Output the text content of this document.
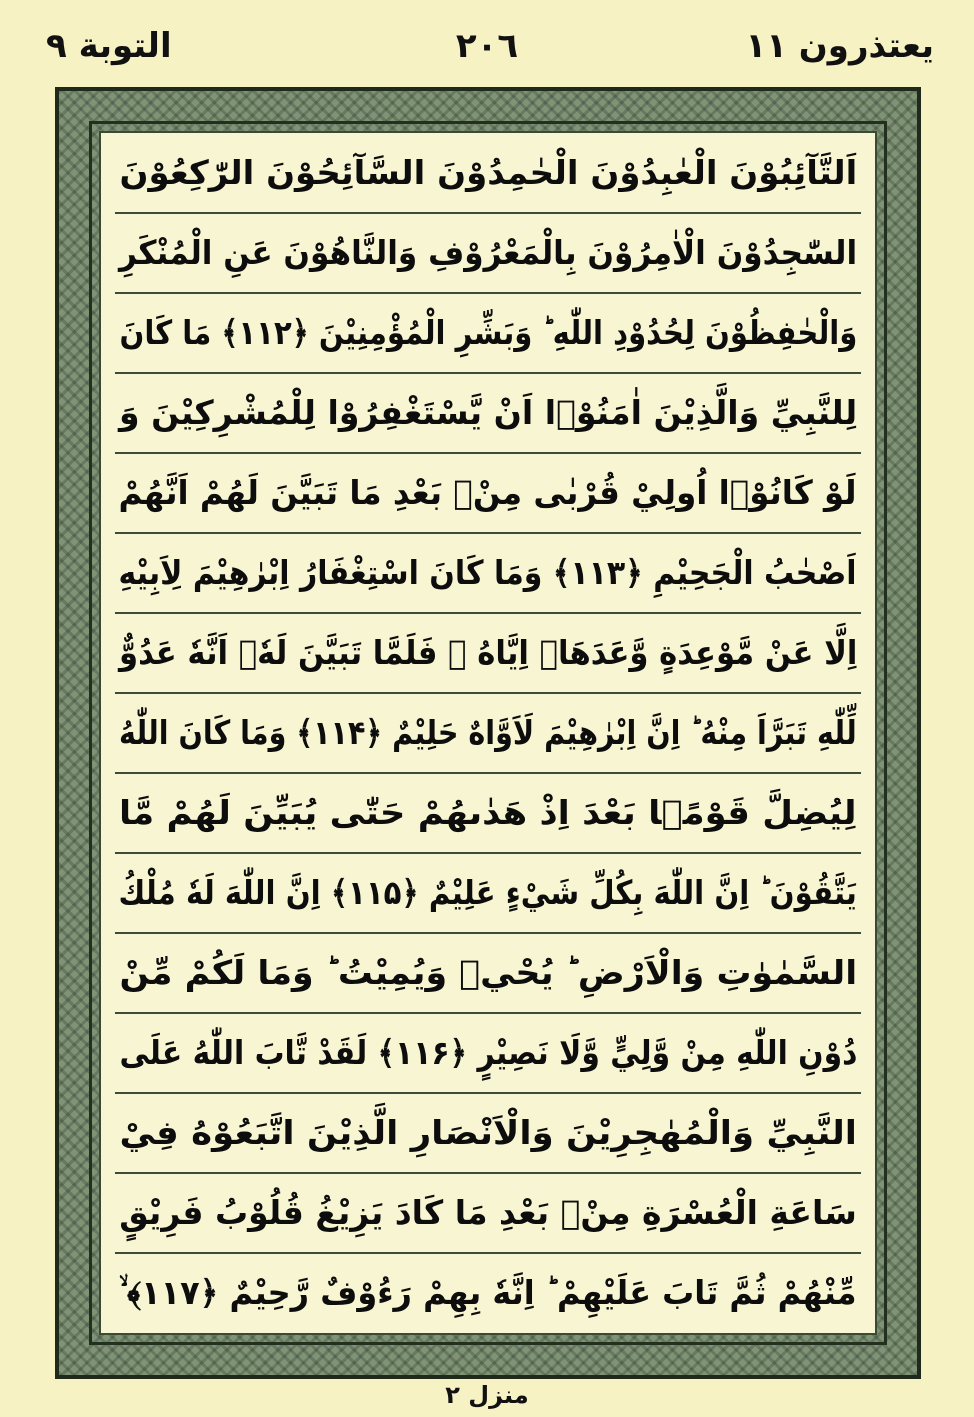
يعتذرون ١١
٢٠٦
التوبة ٩
اَلتَّآئِبُوْنَ الْعٰبِدُوْنَ الْحٰمِدُوْنَ السَّآئِحُوْنَ الرّٰكِعُوْنَ
السّٰجِدُوْنَ الْاٰمِرُوْنَ بِالْمَعْرُوْفِ وَالنَّاهُوْنَ عَنِ الْمُنْكَرِ
وَالْحٰفِظُوْنَ لِحُدُوْدِ اللّٰهِ ؕ وَبَشِّرِ الْمُؤْمِنِيْنَ ﴿۱۱۲﴾ مَا كَانَ
لِلنَّبِيِّ وَالَّذِيْنَ اٰمَنُوْۤا اَنْ يَّسْتَغْفِرُوْا لِلْمُشْرِكِيْنَ وَ
لَوْ كَانُوْۤا اُولِيْ قُرْبٰى مِنْۢ بَعْدِ مَا تَبَيَّنَ لَهُمْ اَنَّهُمْ
اَصْحٰبُ الْجَحِيْمِ ﴿۱۱۳﴾ وَمَا كَانَ اسْتِغْفَارُ اِبْرٰهِيْمَ لِاَبِيْهِ
اِلَّا عَنْ مَّوْعِدَةٍ وَّعَدَهَاۤ اِيَّاهُ ۚ فَلَمَّا تَبَيَّنَ لَهٗۤ اَنَّهٗ عَدُوٌّ
لِّلّٰهِ تَبَرَّاَ مِنْهُ ؕ اِنَّ اِبْرٰهِيْمَ لَاَوَّاهٌ حَلِيْمٌ ﴿۱۱۴﴾ وَمَا كَانَ اللّٰهُ
لِيُضِلَّ قَوْمًۢا بَعْدَ اِذْ هَدٰىهُمْ حَتّٰى يُبَيِّنَ لَهُمْ مَّا
يَتَّقُوْنَ ؕ اِنَّ اللّٰهَ بِكُلِّ شَيْءٍ عَلِيْمٌ ﴿۱۱۵﴾ اِنَّ اللّٰهَ لَهٗ مُلْكُ
السَّمٰوٰتِ وَالْاَرْضِ ؕ يُحْيٖ وَيُمِيْتُ ؕ وَمَا لَكُمْ مِّنْ
دُوْنِ اللّٰهِ مِنْ وَّلِيٍّ وَّلَا نَصِيْرٍ ﴿۱۱۶﴾ لَقَدْ تَّابَ اللّٰهُ عَلَى
النَّبِيِّ وَالْمُهٰجِرِيْنَ وَالْاَنْصَارِ الَّذِيْنَ اتَّبَعُوْهُ فِيْ
سَاعَةِ الْعُسْرَةِ مِنْۢ بَعْدِ مَا كَادَ يَزِيْغُ قُلُوْبُ فَرِيْقٍ
مِّنْهُمْ ثُمَّ تَابَ عَلَيْهِمْ ؕ اِنَّهٗ بِهِمْ رَءُوْفٌ رَّحِيْمٌ ﴿۱۱۷﴾ ۙ
منزل ۲
